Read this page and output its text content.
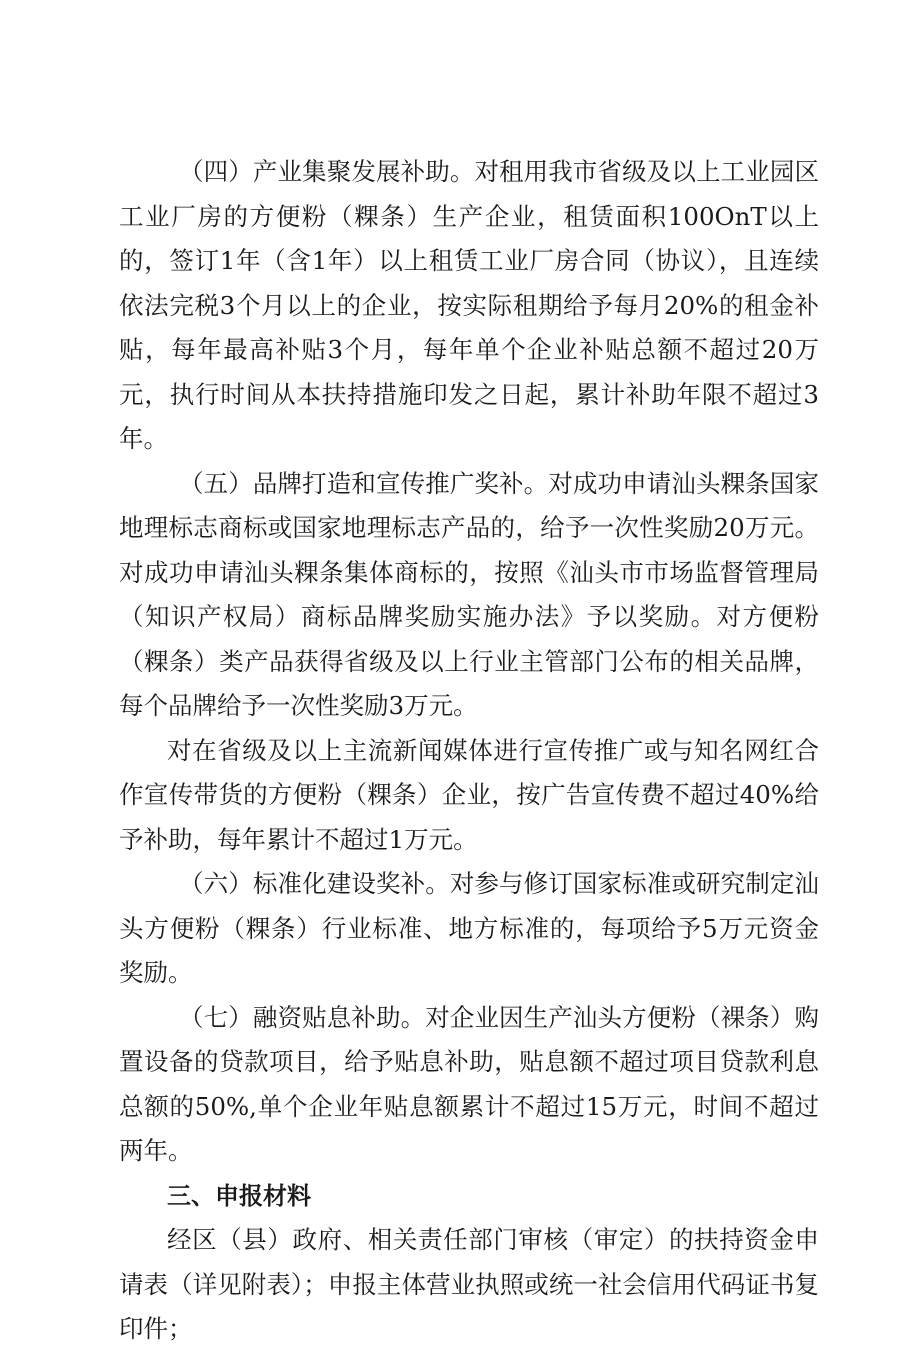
（四）产业集聚发展补助。对租用我市省级及以上工业园区工业厂房的方便粉（粿条）生产企业，租赁面积100OnT以上的，签订1年（含1年）以上租赁工业厂房合同（协议），且连续依法完税3个月以上的企业，按实际租期给予每月20%的租金补贴，每年最高补贴3个月，每年单个企业补贴总额不超过20万元，执行时间从本扶持措施印发之日起，累计补助年限不超过3年。

（五）品牌打造和宣传推广奖补。对成功申请汕头粿条国家地理标志商标或国家地理标志产品的，给予一次性奖励20万元。对成功申请汕头粿条集体商标的，按照《汕头市市场监督管理局（知识产权局）商标品牌奖励实施办法》予以奖励。对方便粉（粿条）类产品获得省级及以上行业主管部门公布的相关品牌，每个品牌给予一次性奖励3万元。

对在省级及以上主流新闻媒体进行宣传推广或与知名网红合作宣传带货的方便粉（粿条）企业，按广告宣传费不超过40%给予补助，每年累计不超过1万元。

（六）标准化建设奖补。对参与修订国家标准或研究制定汕头方便粉（粿条）行业标准、地方标准的，每项给予5万元资金奖励。

（七）融资贴息补助。对企业因生产汕头方便粉（裸条）购置设备的贷款项目，给予贴息补助，贴息额不超过项目贷款利息总额的50%,单个企业年贴息额累计不超过15万元，时间不超过两年。

三、申报材料

经区（县）政府、相关责任部门审核（审定）的扶持资金申请表（详见附表）；申报主体营业执照或统一社会信用代码证书复印件；
